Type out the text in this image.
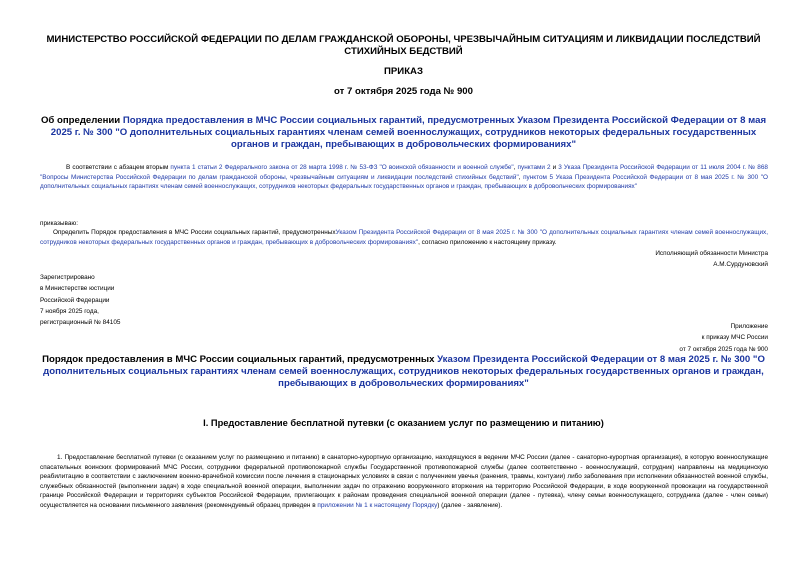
МИНИСТЕРСТВО РОССИЙСКОЙ ФЕДЕРАЦИИ ПО ДЕЛАМ ГРАЖДАНСКОЙ ОБОРОНЫ, ЧРЕЗВЫЧАЙНЫМ СИТУАЦИЯМ И ЛИКВИДАЦИИ ПОСЛЕДСТВИЙ СТИХИЙНЫХ БЕДСТВИЙ
ПРИКАЗ
от 7 октября 2025 года № 900
Об определении Порядка предоставления в МЧС России социальных гарантий, предусмотренных Указом Президента Российской Федерации от 8 мая 2025 г. № 300 "О дополнительных социальных гарантиях членам семей военнослужащих, сотрудников некоторых федеральных государственных органов и граждан, пребывающих в добровольческих формированиях"
В соответствии с абзацем вторым пункта 1 статьи 2 Федерального закона от 28 марта 1998 г. № 53-ФЗ "О воинской обязанности и военной службе", пунктами 2 и 3 Указа Президента Российской Федерации от 11 июля 2004 г. № 868 "Вопросы Министерства Российской Федерации по делам гражданской обороны, чрезвычайным ситуациям и ликвидации последствий стихийных бедствий", пунктом 5 Указа Президента Российской Федерации от 8 мая 2025 г. № 300 "О дополнительных социальных гарантиях членам семей военнослужащих, сотрудников некоторых федеральных государственных органов и граждан, пребывающих в добровольческих формированиях"
приказываю:
Определить Порядок предоставления в МЧС России социальных гарантий, предусмотренныхУказом Президента Российской Федерации от 8 мая 2025 г. № 300 "О дополнительных социальных гарантиях членам семей военнослужащих, сотрудников некоторых федеральных государственных органов и граждан, пребывающих в добровольческих формированиях", согласно приложению к настоящему приказу.
Исполняющий обязанности Министра
А.М.Сурдуновский
Зарегистрировано
в Министерстве юстиции
Российской Федерации
7 ноября 2025 года,
регистрационный № 84105
Приложение
к приказу МЧС России
от 7 октября 2025 года № 900
Порядок предоставления в МЧС России социальных гарантий, предусмотренных Указом Президента Российской Федерации от 8 мая 2025 г. № 300 "О дополнительных социальных гарантиях членам семей военнослужащих, сотрудников некоторых федеральных государственных органов и граждан, пребывающих в добровольческих формированиях"
I. Предоставление бесплатной путевки (с оказанием услуг по размещению и питанию)
1. Предоставление бесплатной путевки (с оказанием услуг по размещению и питанию) в санаторно-курортную организацию, находящуюся в ведении МЧС России (далее - санаторно-курортная организация), в которую военнослужащие спасательных воинских формирований МЧС России, сотрудники федеральной противопожарной службы Государственной противопожарной службы (далее соответственно - военнослужащий, сотрудник) направлены на медицинскую реабилитацию в соответствии с заключением военно-врачебной комиссии после лечения в стационарных условиях в связи с получением увечья (ранения, травмы, контузии) либо заболевания при исполнении обязанностей военной службы, служебных обязанностей (выполнении задач) в ходе специальной военной операции, выполнении задач по отражению вооруженного вторжения на территорию Российской Федерации, в ходе вооруженной провокации на государственной границе Российской Федерации и территориях субъектов Российской Федерации, прилегающих к районам проведения специальной военной операции (далее - путевка), члену семьи военнослужащего, сотрудника (далее - член семьи) осуществляется на основании письменного заявления (рекомендуемый образец приведен в приложении № 1 к настоящему Порядку) (далее - заявление).
